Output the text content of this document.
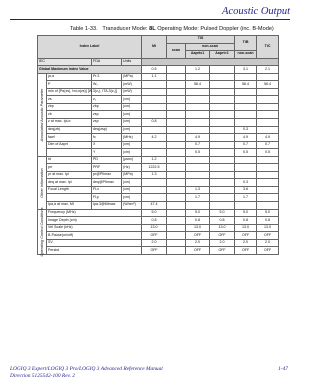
Acoustic Output
Table 1-33. Transducer Mode: 8L Operating Mode: Pulsed Doppler (inc. B-Mode)
Index Label				MI	TIS			TIB	TIC
					scan	non-scan			
						Aaprt≤1	Aaprt>1	non-scan	
IEC		FDA	Units						
Global Maximum Index Value				0.5		1.2		3.1	2.1

Associated Acoustic Parameter	ρr,α	Pr.3	(MPa)	1.1					
	P	W₀	(mW)			56.4		56.4	56.4
	min of [Pα(zs), Iτα,α(zs)] [W.3(z₁), ITA.3(z₁)]		(mW)						
	zs	z₁	(cm)						
	zbp	zbp	(cm)						
	zb	zsp	(cm)						
	z at max. Ipi,α	zsp	(cm)	0.8					
	deq(zb)	deq(zsp)	(cm)					0.3	
	fawf	fc	(MHz)	4.2		4.9		4.9	4.9
	Dim of Aaprt	X	(cm)			0.7		0.7	0.7
		Y	(cm)			0.5		0.5	0.5

Other Information	td	PD	(μsec)	1.2					
	prr	PRF	(Hz)	1222.5					
	pr at max. Ipi	pr@PIImax	(MPa)	1.3					
	deq at max. Ipi	deq@PIImax	(cm)					0.3	
	Focal Length	FLx	(cm)			1.3		3.6	
		FLy	(cm)			1.7		1.7	
	Ipa,α at max. MI	Ipa.3@MImax	(W/cm²)	47.4					

Operating Control Conditions	Frequency (MHz)			5.0		5.0	5.0	5.0	5.0
	Image Depth (cm)			0.8		0.8	0.8	0.8	0.8
	Vel Scale (kHz)			13.0		13.0	13.0	13.0	13.0
	B-Pause(on/off)			OFF		OFF	OFF	OFF	OFF
	SV			2.0		2.0	2.0	2.0	2.0
	Persist			OFF		OFF	OFF	OFF	OFF
LOGIQ 3 Expert/LOGIQ 3 Pro/LOGIQ 3 Advanced Reference Manual
Direction 5125542-100 Rev. 2
1-47
